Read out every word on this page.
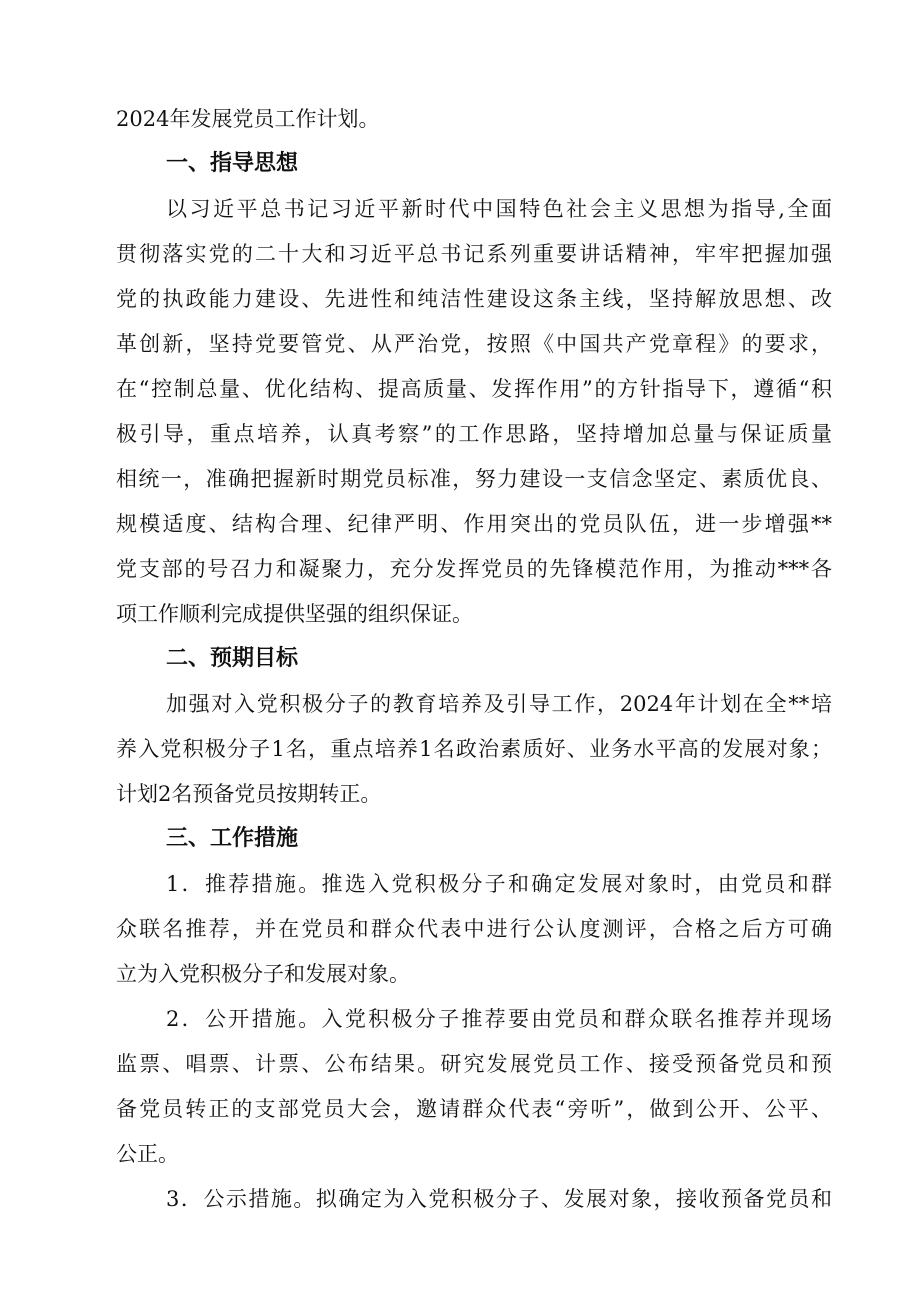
2024年发展党员工作计划。
一、指导思想
以习近平总书记习近平新时代中国特色社会主义思想为指导,全面
贯彻落实党的二十大和习近平总书记系列重要讲话精神，牢牢把握加强
党的执政能力建设、先进性和纯洁性建设这条主线，坚持解放思想、改
革创新，坚持党要管党、从严治党，按照《中国共产党章程》的要求，
在“控制总量、优化结构、提高质量、发挥作用”的方针指导下，遵循“积
极引导，重点培养，认真考察”的工作思路，坚持增加总量与保证质量
相统一，准确把握新时期党员标准，努力建设一支信念坚定、素质优良、
规模适度、结构合理、纪律严明、作用突出的党员队伍，进一步增强**
党支部的号召力和凝聚力，充分发挥党员的先锋模范作用，为推动***各
项工作顺利完成提供坚强的组织保证。
二、预期目标
加强对入党积极分子的教育培养及引导工作，2024年计划在全**培
养入党积极分子1名，重点培养1名政治素质好、业务水平高的发展对象；
计划2名预备党员按期转正。
三、工作措施
1．推荐措施。推选入党积极分子和确定发展对象时，由党员和群
众联名推荐，并在党员和群众代表中进行公认度测评，合格之后方可确
立为入党积极分子和发展对象。
2．公开措施。入党积极分子推荐要由党员和群众联名推荐并现场
监票、唱票、计票、公布结果。研究发展党员工作、接受预备党员和预
备党员转正的支部党员大会，邀请群众代表“旁听”，做到公开、公平、
公正。
3．公示措施。拟确定为入党积极分子、发展对象，接收预备党员和
